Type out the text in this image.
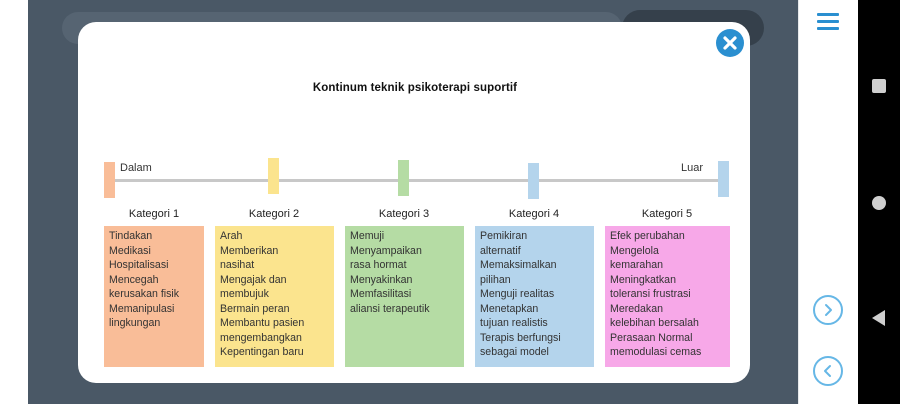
Kontinum teknik psikoterapi suportif
Dalam	Luar
Kategori 1	Kategori 2	Kategori 3	Kategori 4	Kategori 5
Tindakan
Medikasi
Hospitalisasi
Mencegah
kerusakan fisik
Memanipulasi
lingkungan
Arah
Memberikan
nasihat
Mengajak dan
membujuk
Bermain peran
Membantu pasien
mengembangkan
Kepentingan baru
Memuji
Menyampaikan
rasa hormat
Menyakinkan
Memfasilitasi
aliansi terapeutik
Pemikiran
alternatif
Memaksimalkan
pilihan
Menguji realitas
Menetapkan
tujuan realistis
Terapis berfungsi
sebagai model
Efek perubahan
Mengelola
kemarahan
Meningkatkan
toleransi frustrasi
Meredakan
kelebihan bersalah
Perasaan Normal
memodulasi cemas
